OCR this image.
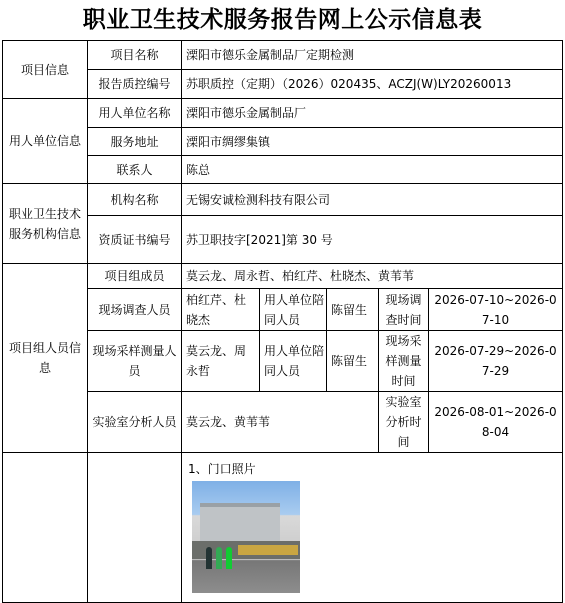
职业卫生技术服务报告网上公示信息表
项目信息	项目名称	溧阳市德乐金属制品厂定期检测				
	报告质控编号	苏职质控（定期）（2026）020435、ACZJ(W)LY20260013				
用人单位信息	用人单位名称	溧阳市德乐金属制品厂				
	服务地址	溧阳市绸缪集镇				
	联系人	陈总				
职业卫生技术服务机构信息	机构名称	无锡安诚检测科技有限公司				
	资质证书编号	苏卫职技字[2021]第 30 号				
项目组人员信息	项目组成员	莫云龙、周永哲、柏红芹、杜晓杰、黄苇苇				
	现场调查人员	柏红芹、杜晓杰	用人单位陪同人员	陈留生	现场调查时间	2026-07-10~2026-07-10
	现场采样测量人员	莫云龙、周永哲	用人单位陪同人员	陈留生	现场采样测量时间	2026-07-29~2026-07-29
	实验室分析人员	莫云龙、黄苇苇			实验室分析时间	2026-08-01~2026-08-04

		1、门口照片				
